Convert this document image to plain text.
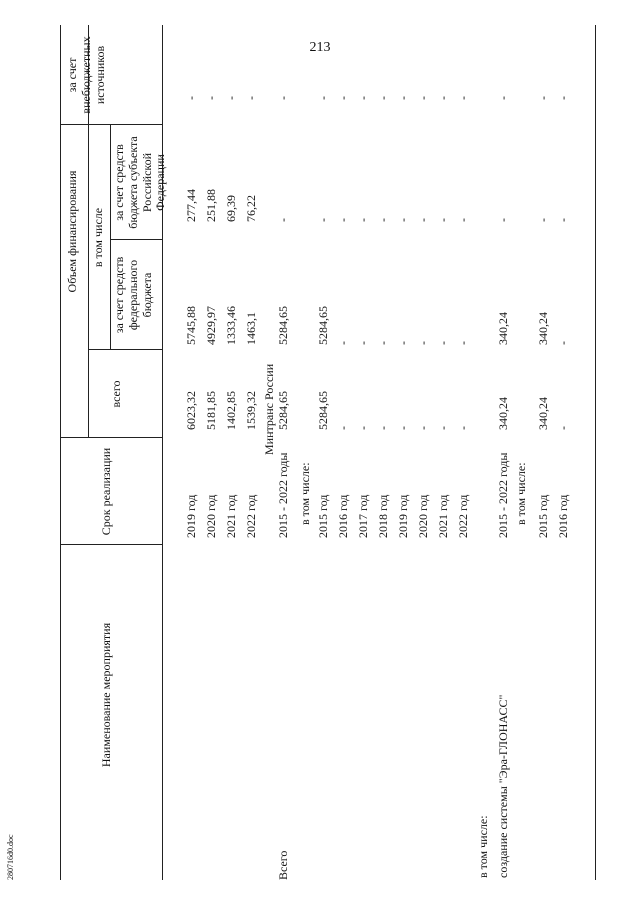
213
280716d0.doc
Наименование мероприятия
Срок реализации
всего
Объем финансирования в том числе
за счет средств федерального бюджета
за счет средств бюджета субъекта Российской Федерации
за счет внебюджетных источников
2019 год
6023,32
5745,88
277,44
-
2020 год
5181,85
4929,97
251,88
-
2021 год
1402,85
1333,46
69,39
-
2022 год
1539,32
1463,1
76,22
-
Минтранс России
Всего
2015 - 2022 годы
5284,65
5284,65
-
-
в том числе: 2015 год
5284,65
5284,65
-
-
2016 год
-
-
-
-
2017 год
-
-
-
-
2018 год
-
-
-
-
2019 год
-
-
-
-
2020 год
-
-
-
-
2021 год
-
-
-
-
2022 год
-
-
-
-
в том числе: создание системы "Эра-ГЛОНАСС"
2015 - 2022 годы
340,24
340,24
-
-
в том числе: 2015 год
340,24
340,24
-
-
2016 год
-
-
-
-
